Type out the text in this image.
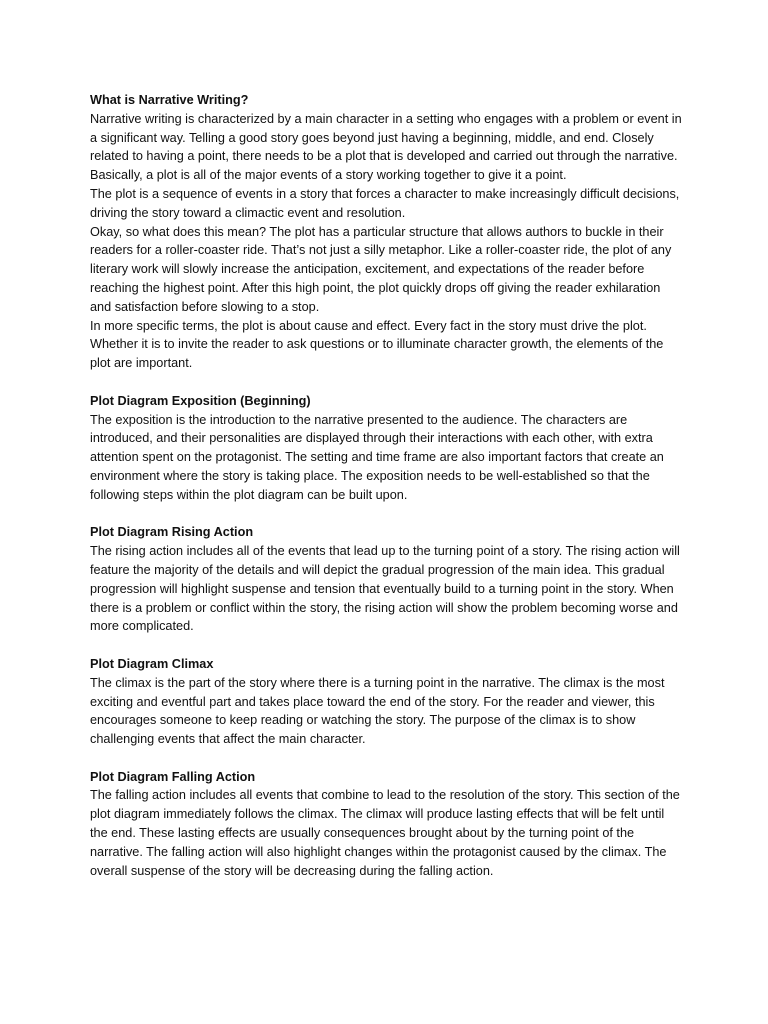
What is Narrative Writing?

Narrative writing is characterized by a main character in a setting who engages with a problem or event in a significant way. Telling a good story goes beyond just having a beginning, middle, and end. Closely related to having a point, there needs to be a plot that is developed and carried out through the narrative. Basically, a plot is all of the major events of a story working together to give it a point.

The plot is a sequence of events in a story that forces a character to make increasingly difficult decisions, driving the story toward a climactic event and resolution.

Okay, so what does this mean? The plot has a particular structure that allows authors to buckle in their readers for a roller-coaster ride. That’s not just a silly metaphor. Like a roller-coaster ride, the plot of any literary work will slowly increase the anticipation, excitement, and expectations of the reader before reaching the highest point. After this high point, the plot quickly drops off giving the reader exhilaration and satisfaction before slowing to a stop.

In more specific terms, the plot is about cause and effect. Every fact in the story must drive the plot. Whether it is to invite the reader to ask questions or to illuminate character growth, the elements of the plot are important.

Plot Diagram Exposition (Beginning)

The exposition is the introduction to the narrative presented to the audience. The characters are introduced, and their personalities are displayed through their interactions with each other, with extra attention spent on the protagonist. The setting and time frame are also important factors that create an environment where the story is taking place. The exposition needs to be well-established so that the following steps within the plot diagram can be built upon.

Plot Diagram Rising Action

The rising action includes all of the events that lead up to the turning point of a story. The rising action will feature the majority of the details and will depict the gradual progression of the main idea. This gradual progression will highlight suspense and tension that eventually build to a turning point in the story. When there is a problem or conflict within the story, the rising action will show the problem becoming worse and more complicated.

Plot Diagram Climax

The climax is the part of the story where there is a turning point in the narrative. The climax is the most exciting and eventful part and takes place toward the end of the story. For the reader and viewer, this encourages someone to keep reading or watching the story. The purpose of the climax is to show challenging events that affect the main character.

Plot Diagram Falling Action

The falling action includes all events that combine to lead to the resolution of the story. This section of the plot diagram immediately follows the climax. The climax will produce lasting effects that will be felt until the end. These lasting effects are usually consequences brought about by the turning point of the narrative. The falling action will also highlight changes within the protagonist caused by the climax. The overall suspense of the story will be decreasing during the falling action.
